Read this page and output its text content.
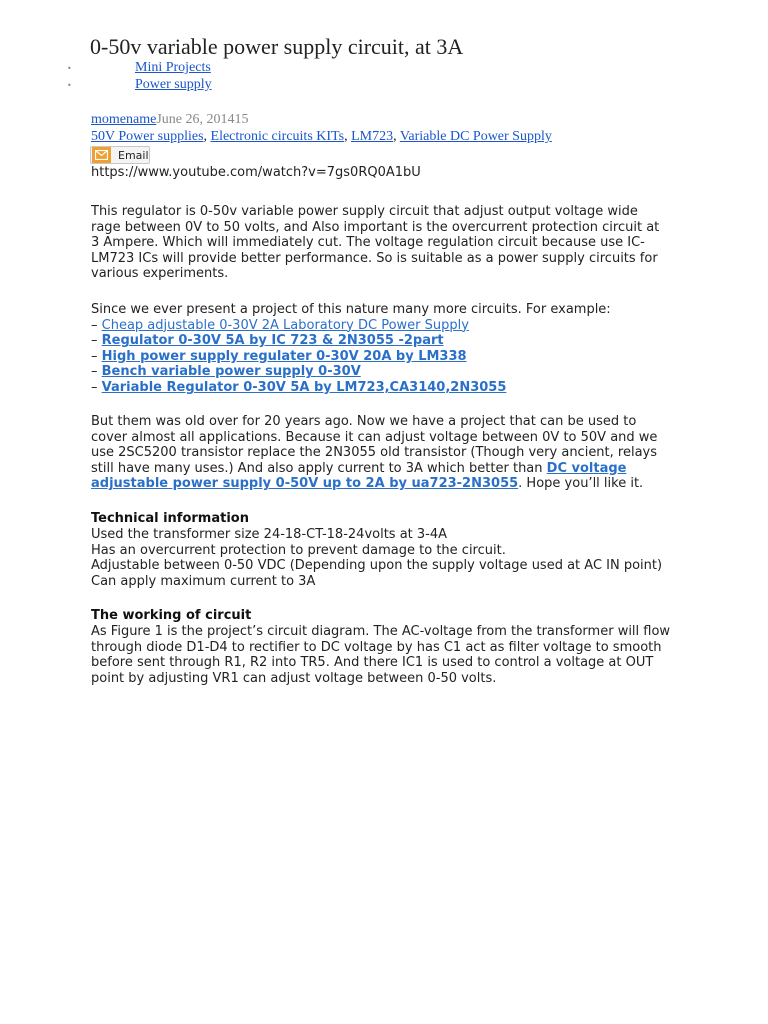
0-50v variable power supply circuit, at 3A
•	Mini Projects
•	Power supply
momenameJune 26, 201415
50V Power supplies, Electronic circuits KITs, LM723, Variable DC Power Supply
Email
https://www.youtube.com/watch?v=7gs0RQ0A1bU
This regulator is 0-50v variable power supply circuit that adjust output voltage wide
rage between 0V to 50 volts, and Also important is the overcurrent protection circuit at
3 Ampere. Which will immediately cut. The voltage regulation circuit because use IC-
LM723 ICs will provide better performance. So is suitable as a power supply circuits for
various experiments.
Since we ever present a project of this nature many more circuits. For example:
– Cheap adjustable 0-30V 2A Laboratory DC Power Supply
– Regulator 0-30V 5A by IC 723 & 2N3055 -2part
– High power supply regulater 0-30V 20A by LM338
– Bench variable power supply 0-30V
– Variable Regulator 0-30V 5A by LM723,CA3140,2N3055
But them was old over for 20 years ago. Now we have a project that can be used to
cover almost all applications. Because it can adjust voltage between 0V to 50V and we
use 2SC5200 transistor replace the 2N3055 old transistor (Though very ancient, relays
still have many uses.) And also apply current to 3A which better than DC voltage
adjustable power supply 0-50V up to 2A by ua723-2N3055. Hope you’ll like it.
Technical information
Used the transformer size 24-18-CT-18-24volts at 3-4A
Has an overcurrent protection to prevent damage to the circuit.
Adjustable between 0-50 VDC (Depending upon the supply voltage used at AC IN point)
Can apply maximum current to 3A
The working of circuit
As Figure 1 is the project’s circuit diagram. The AC-voltage from the transformer will flow
through diode D1-D4 to rectifier to DC voltage by has C1 act as filter voltage to smooth
before sent through R1, R2 into TR5. And there IC1 is used to control a voltage at OUT
point by adjusting VR1 can adjust voltage between 0-50 volts.
